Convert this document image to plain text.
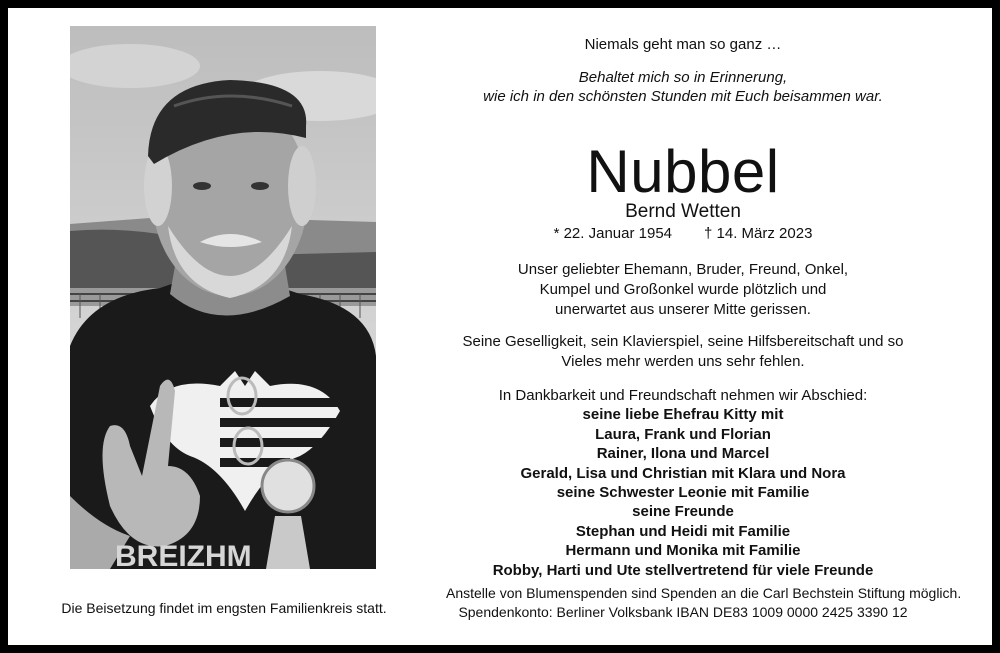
BREIZHM
Die Beisetzung findet im engsten Familienkreis statt.
Niemals geht man so ganz …
Behaltet mich so in Erinnerung,
wie ich in den schönsten Stunden mit Euch beisammen war.
Nubbel
Bernd Wetten
* 22. Januar 1954 † 14. März 2023
Unser geliebter Ehemann, Bruder, Freund, Onkel,
Kumpel und Großonkel wurde plötzlich und
unerwartet aus unserer Mitte gerissen.
Seine Geselligkeit, sein Klavierspiel, seine Hilfsbereitschaft und so
Vieles mehr werden uns sehr fehlen.
In Dankbarkeit und Freundschaft nehmen wir Abschied:
seine liebe Ehefrau Kitty mit
Laura, Frank und Florian
Rainer, Ilona und Marcel
Gerald, Lisa und Christian mit Klara und Nora
seine Schwester Leonie mit Familie
seine Freunde
Stephan und Heidi mit Familie
Hermann und Monika mit Familie
Robby, Harti und Ute stellvertretend für viele Freunde
Anstelle von Blumenspenden sind Spenden an die Carl Bechstein Stiftung möglich.
Spendenkonto: Berliner Volksbank IBAN DE83 1009 0000 2425 3390 12
